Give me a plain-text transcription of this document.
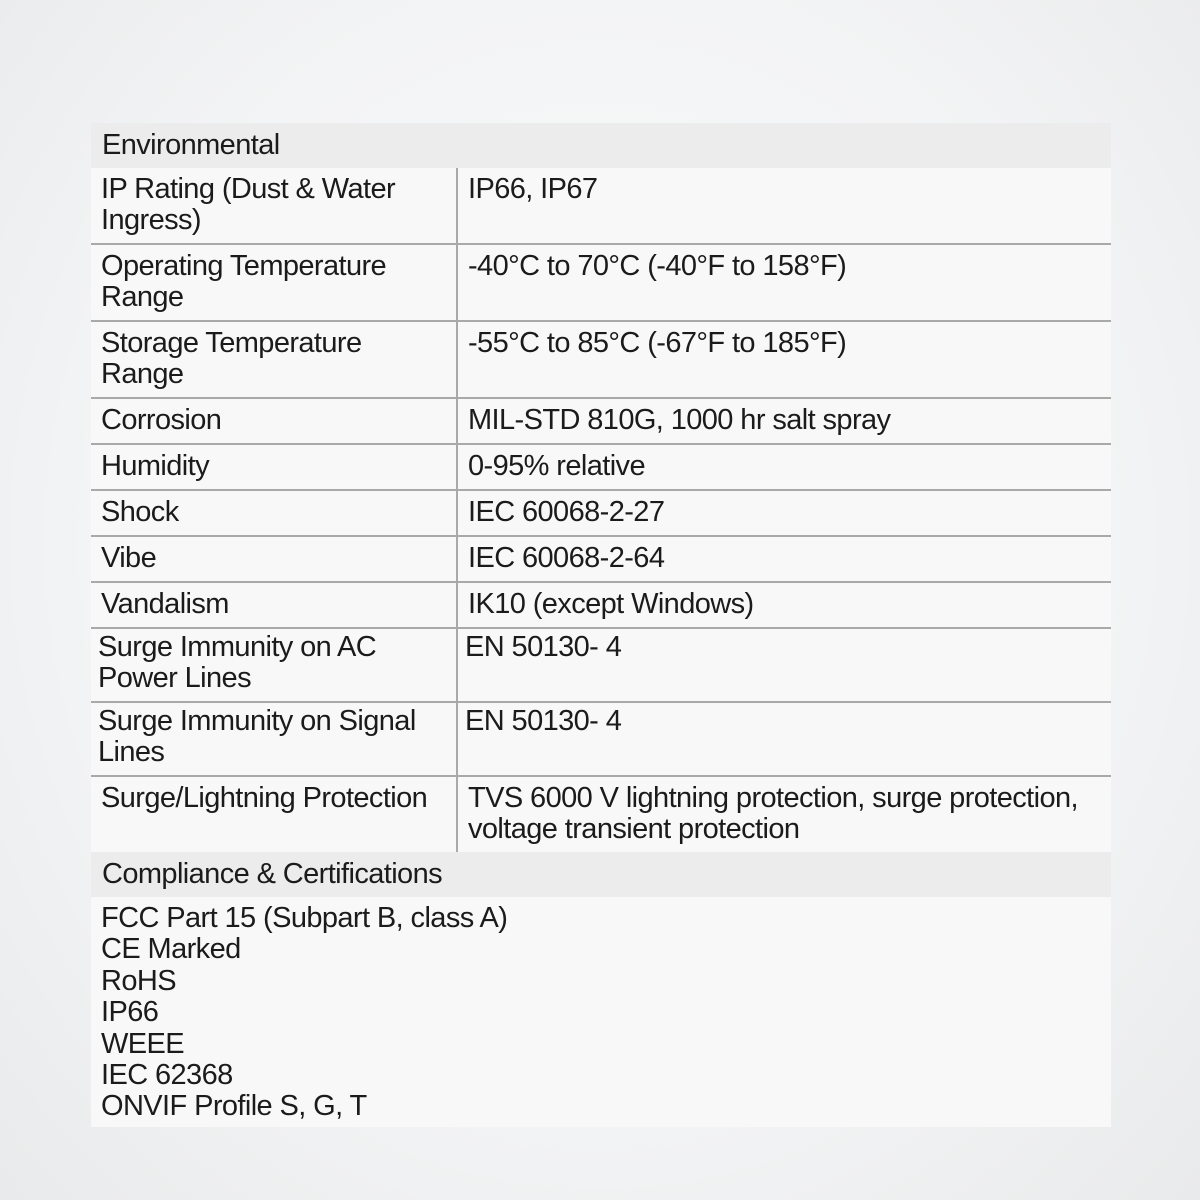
Environmental
IP Rating (Dust & Water Ingress)	IP66, IP67
Operating Temperature Range	-40°C to 70°C (-40°F to 158°F)
Storage Temperature Range	-55°C to 85°C (-67°F to 185°F)
Corrosion	MIL-STD 810G, 1000 hr salt spray
Humidity	0-95% relative
Shock	IEC 60068-2-27
Vibe	IEC 60068-2-64
Vandalism	IK10 (except Windows)
Surge Immunity on AC Power Lines	EN 50130- 4
Surge Immunity on Signal Lines	EN 50130- 4
Surge/Lightning Protection	TVS 6000 V lightning protection, surge protection, voltage transient protection
Compliance & Certifications
FCC Part 15 (Subpart B, class A)
CE Marked
RoHS
IP66
WEEE
IEC 62368
ONVIF Profile S, G, T
